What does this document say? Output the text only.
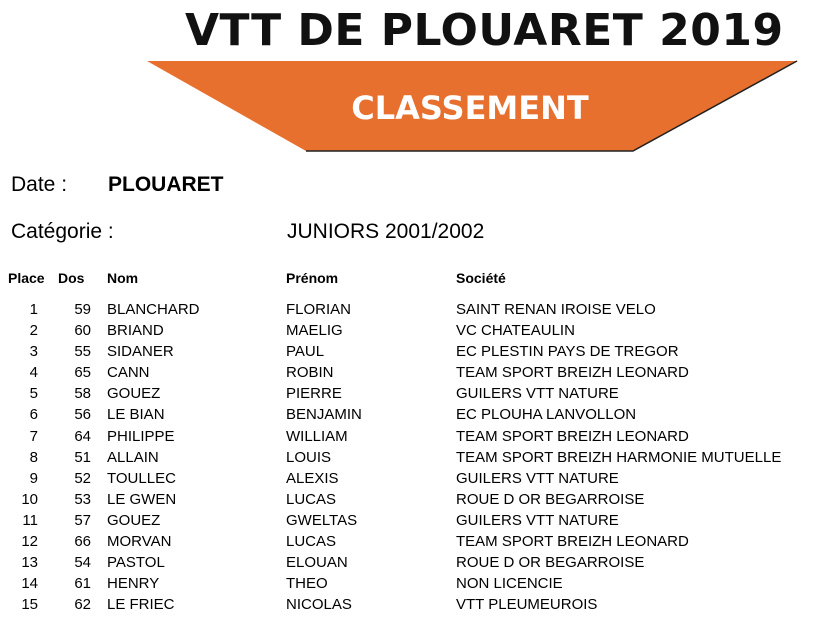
VTT DE PLOUARET 2019
CLASSEMENT
Date : PLOUARET
Catégorie :	JUNIORS 2001/2002
Place Dos	Nom	Prénom	Société
1	59 BLANCHARD	FLORIAN	SAINT RENAN IROISE VELO
2	60 BRIAND	MAELIG	VC CHATEAULIN
3	55 SIDANER	PAUL	EC PLESTIN PAYS DE TREGOR
4	65 CANN	ROBIN	TEAM SPORT BREIZH LEONARD
5	58 GOUEZ	PIERRE	GUILERS VTT NATURE
6	56 LE BIAN	BENJAMIN	EC PLOUHA LANVOLLON
7	64 PHILIPPE	WILLIAM	TEAM SPORT BREIZH LEONARD
8	51 ALLAIN	LOUIS	TEAM SPORT BREIZH HARMONIE MUTUELLE
9	52 TOULLEC	ALEXIS	GUILERS VTT NATURE
10	53 LE GWEN	LUCAS	ROUE D OR BEGARROISE
11	57 GOUEZ	GWELTAS	GUILERS VTT NATURE
12	66 MORVAN	LUCAS	TEAM SPORT BREIZH LEONARD
13	54 PASTOL	ELOUAN	ROUE D OR BEGARROISE
14	61 HENRY	THEO	NON LICENCIE
15	62 LE FRIEC	NICOLAS	VTT PLEUMEUROIS
